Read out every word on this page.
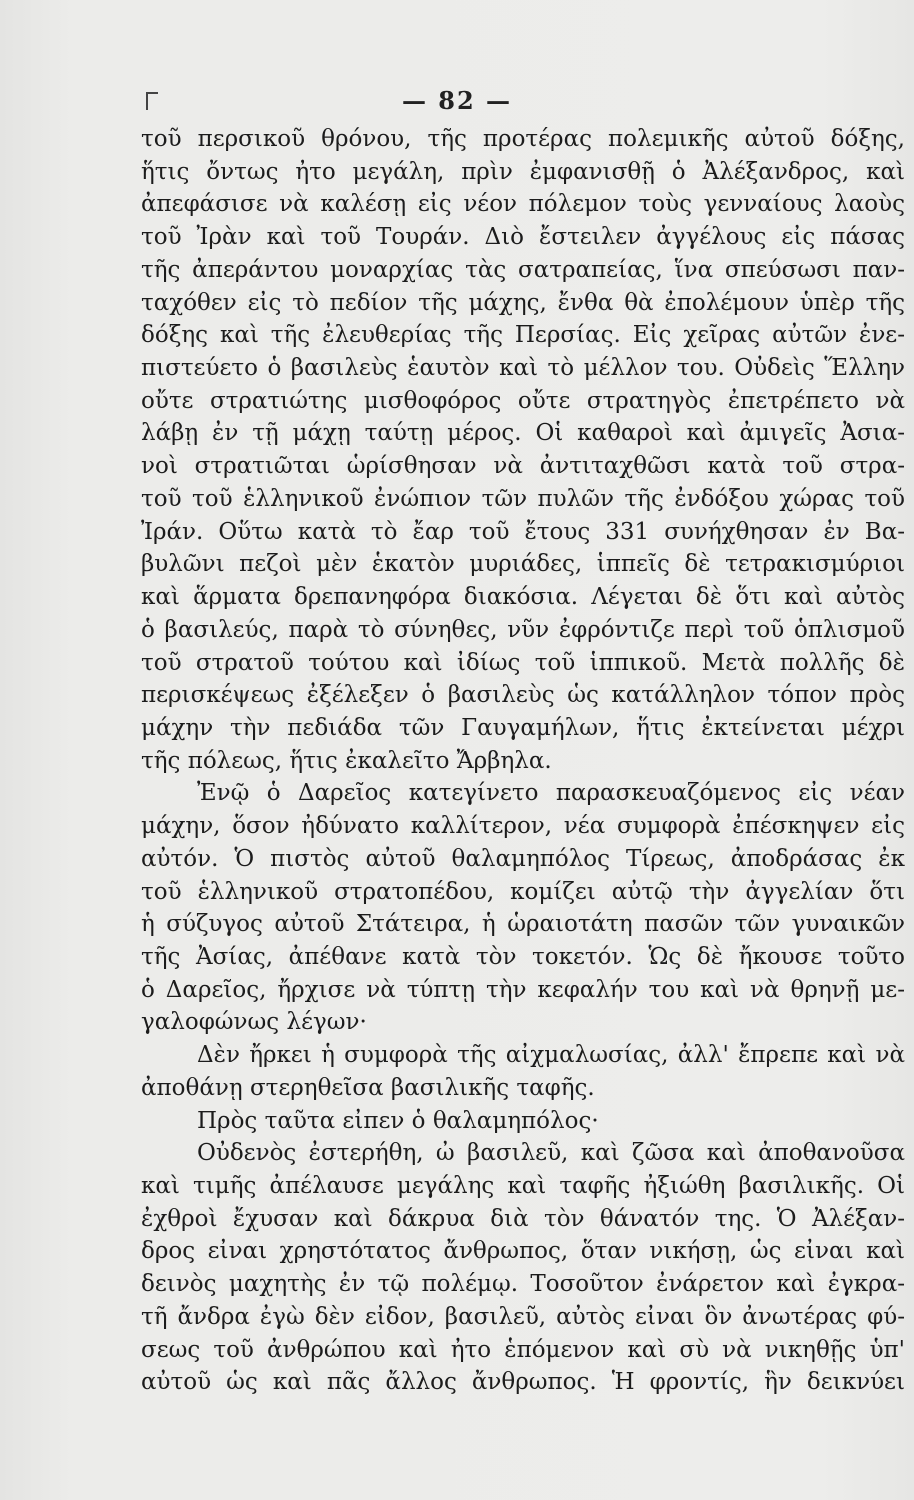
— 82 —
τοῦ περσικοῦ θρόνου, τῆς προτέρας πολεμικῆς αὐτοῦ δόξης,
ἥτις ὄντως ἦτο μεγάλη, πρὶν ἐμφανισθῇ ὁ Ἀλέξανδρος, καὶ
ἀπεφάσισε νὰ καλέσῃ εἰς νέον πόλεμον τοὺς γενναίους λαοὺς
τοῦ Ἰρὰν καὶ τοῦ Τουράν. Διὸ ἔστειλεν ἀγγέλους εἰς πάσας
τῆς ἀπεράντου μοναρχίας τὰς σατραπείας, ἵνα σπεύσωσι παν-
ταχόθεν εἰς τὸ πεδίον τῆς μάχης, ἔνθα θὰ ἐπολέμουν ὑπὲρ τῆς
δόξης καὶ τῆς ἐλευθερίας τῆς Περσίας. Εἰς χεῖρας αὐτῶν ἐνε-
πιστεύετο ὁ βασιλεὺς ἑαυτὸν καὶ τὸ μέλλον του. Οὐδεὶς Ἕλλην
οὔτε στρατιώτης μισθοφόρος οὔτε στρατηγὸς ἐπετρέπετο νὰ
λάβῃ ἐν τῇ μάχῃ ταύτῃ μέρος. Οἱ καθαροὶ καὶ ἀμιγεῖς Ἀσια-
νοὶ στρατιῶται ὡρίσθησαν νὰ ἀντιταχθῶσι κατὰ τοῦ στρα-
τοῦ τοῦ ἑλληνικοῦ ἐνώπιον τῶν πυλῶν τῆς ἐνδόξου χώρας τοῦ
Ἰράν. Οὕτω κατὰ τὸ ἔαρ τοῦ ἔτους 331 συνήχθησαν ἐν Βα-
βυλῶνι πεζοὶ μὲν ἑκατὸν μυριάδες, ἱππεῖς δὲ τετρακισμύριοι
καὶ ἅρματα δρεπανηφόρα διακόσια. Λέγεται δὲ ὅτι καὶ αὐτὸς
ὁ βασιλεύς, παρὰ τὸ σύνηθες, νῦν ἐφρόντιζε περὶ τοῦ ὁπλισμοῦ
τοῦ στρατοῦ τούτου καὶ ἰδίως τοῦ ἱππικοῦ. Μετὰ πολλῆς δὲ
περισκέψεως ἐξέλεξεν ὁ βασιλεὺς ὡς κατάλληλον τόπον πρὸς
μάχην τὴν πεδιάδα τῶν Γαυγαμήλων, ἥτις ἐκτείνεται μέχρι
τῆς πόλεως, ἥτις ἐκαλεῖτο Ἄρβηλα.
Ἐνῷ ὁ Δαρεῖος κατεγίνετο παρασκευαζόμενος εἰς νέαν
μάχην, ὅσον ἠδύνατο καλλίτερον, νέα συμφορὰ ἐπέσκηψεν εἰς
αὐτόν. Ὁ πιστὸς αὐτοῦ θαλαμηπόλος Τίρεως, ἀποδράσας ἐκ
τοῦ ἑλληνικοῦ στρατοπέδου, κομίζει αὐτῷ τὴν ἀγγελίαν ὅτι
ἡ σύζυγος αὐτοῦ Στάτειρα, ἡ ὡραιοτάτη πασῶν τῶν γυναικῶν
τῆς Ἀσίας, ἀπέθανε κατὰ τὸν τοκετόν. Ὡς δὲ ἤκουσε τοῦτο
ὁ Δαρεῖος, ἤρχισε νὰ τύπτῃ τὴν κεφαλήν του καὶ νὰ θρηνῇ με-
γαλοφώνως λέγων·
Δὲν ἤρκει ἡ συμφορὰ τῆς αἰχμαλωσίας, ἀλλ' ἔπρεπε καὶ νὰ
ἀποθάνῃ στερηθεῖσα βασιλικῆς ταφῆς.
Πρὸς ταῦτα εἶπεν ὁ θαλαμηπόλος·
Οὐδενὸς ἐστερήθη, ὦ βασιλεῦ, καὶ ζῶσα καὶ ἀποθανοῦσα
καὶ τιμῆς ἀπέλαυσε μεγάλης καὶ ταφῆς ἠξιώθη βασιλικῆς. Οἱ
ἐχθροὶ ἔχυσαν καὶ δάκρυα διὰ τὸν θάνατόν της. Ὁ Ἀλέξαν-
δρος εἶναι χρηστότατος ἄνθρωπος, ὅταν νικήσῃ, ὡς εἶναι καὶ
δεινὸς μαχητὴς ἐν τῷ πολέμῳ. Τοσοῦτον ἐνάρετον καὶ ἐγκρα-
τῆ ἄνδρα ἐγὼ δὲν εἶδον, βασιλεῦ, αὐτὸς εἶναι ὃν ἀνωτέρας φύ-
σεως τοῦ ἀνθρώπου καὶ ἦτο ἑπόμενον καὶ σὺ νὰ νικηθῇς ὑπ'
αὐτοῦ ὡς καὶ πᾶς ἄλλος ἄνθρωπος. Ἡ φροντίς, ἣν δεικνύει
